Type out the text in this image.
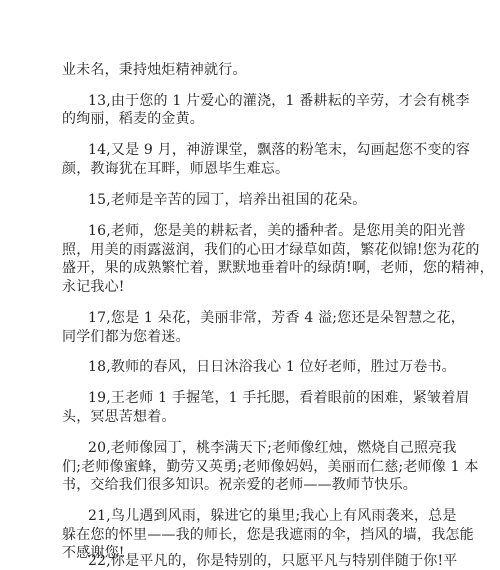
业未名，秉持烛炬精神就行。
13,由于您的 1 片爱心的灌浇，1 番耕耘的辛劳，才会有桃李
的绚丽，稻麦的金黄。
14,又是 9 月，神游课堂，飘落的粉笔末，勾画起您不变的容
颜，教诲犹在耳畔，师恩毕生难忘。
15,老师是辛苦的园丁，培养出祖国的花朵。
16,老师，您是美的耕耘者，美的播种者。是您用美的阳光普
照，用美的雨露滋润，我们的心田才绿草如茵，繁花似锦!您为花的
盛开，果的成熟繁忙着，默默地垂着叶的绿荫!啊，老师，您的精神，
永记我心!
17,您是 1 朵花，美丽非常，芳香 4 溢;您还是朵智慧之花，
同学们都为您着迷。
18,教师的春风，日日沐浴我心 1 位好老师，胜过万卷书。
19,王老师 1 手握笔，1 手托腮，看着眼前的困难，紧皱着眉
头，冥思苦想着。
20,老师像园丁，桃李满天下;老师像红烛，燃烧自己照亮我
们;老师像蜜蜂，勤劳又英勇;老师像妈妈，美丽而仁慈;老师像 1 本
书，交给我们很多知识。祝亲爱的老师——教师节快乐。
21,鸟儿遇到风雨，躲进它的巢里;我心上有风雨袭来，总是
躲在您的怀里——我的师长，您是我遮雨的伞，挡风的墙，我怎能
不感谢您!
22,你是平凡的，你是特别的，只愿平凡与特别伴随于你!平
